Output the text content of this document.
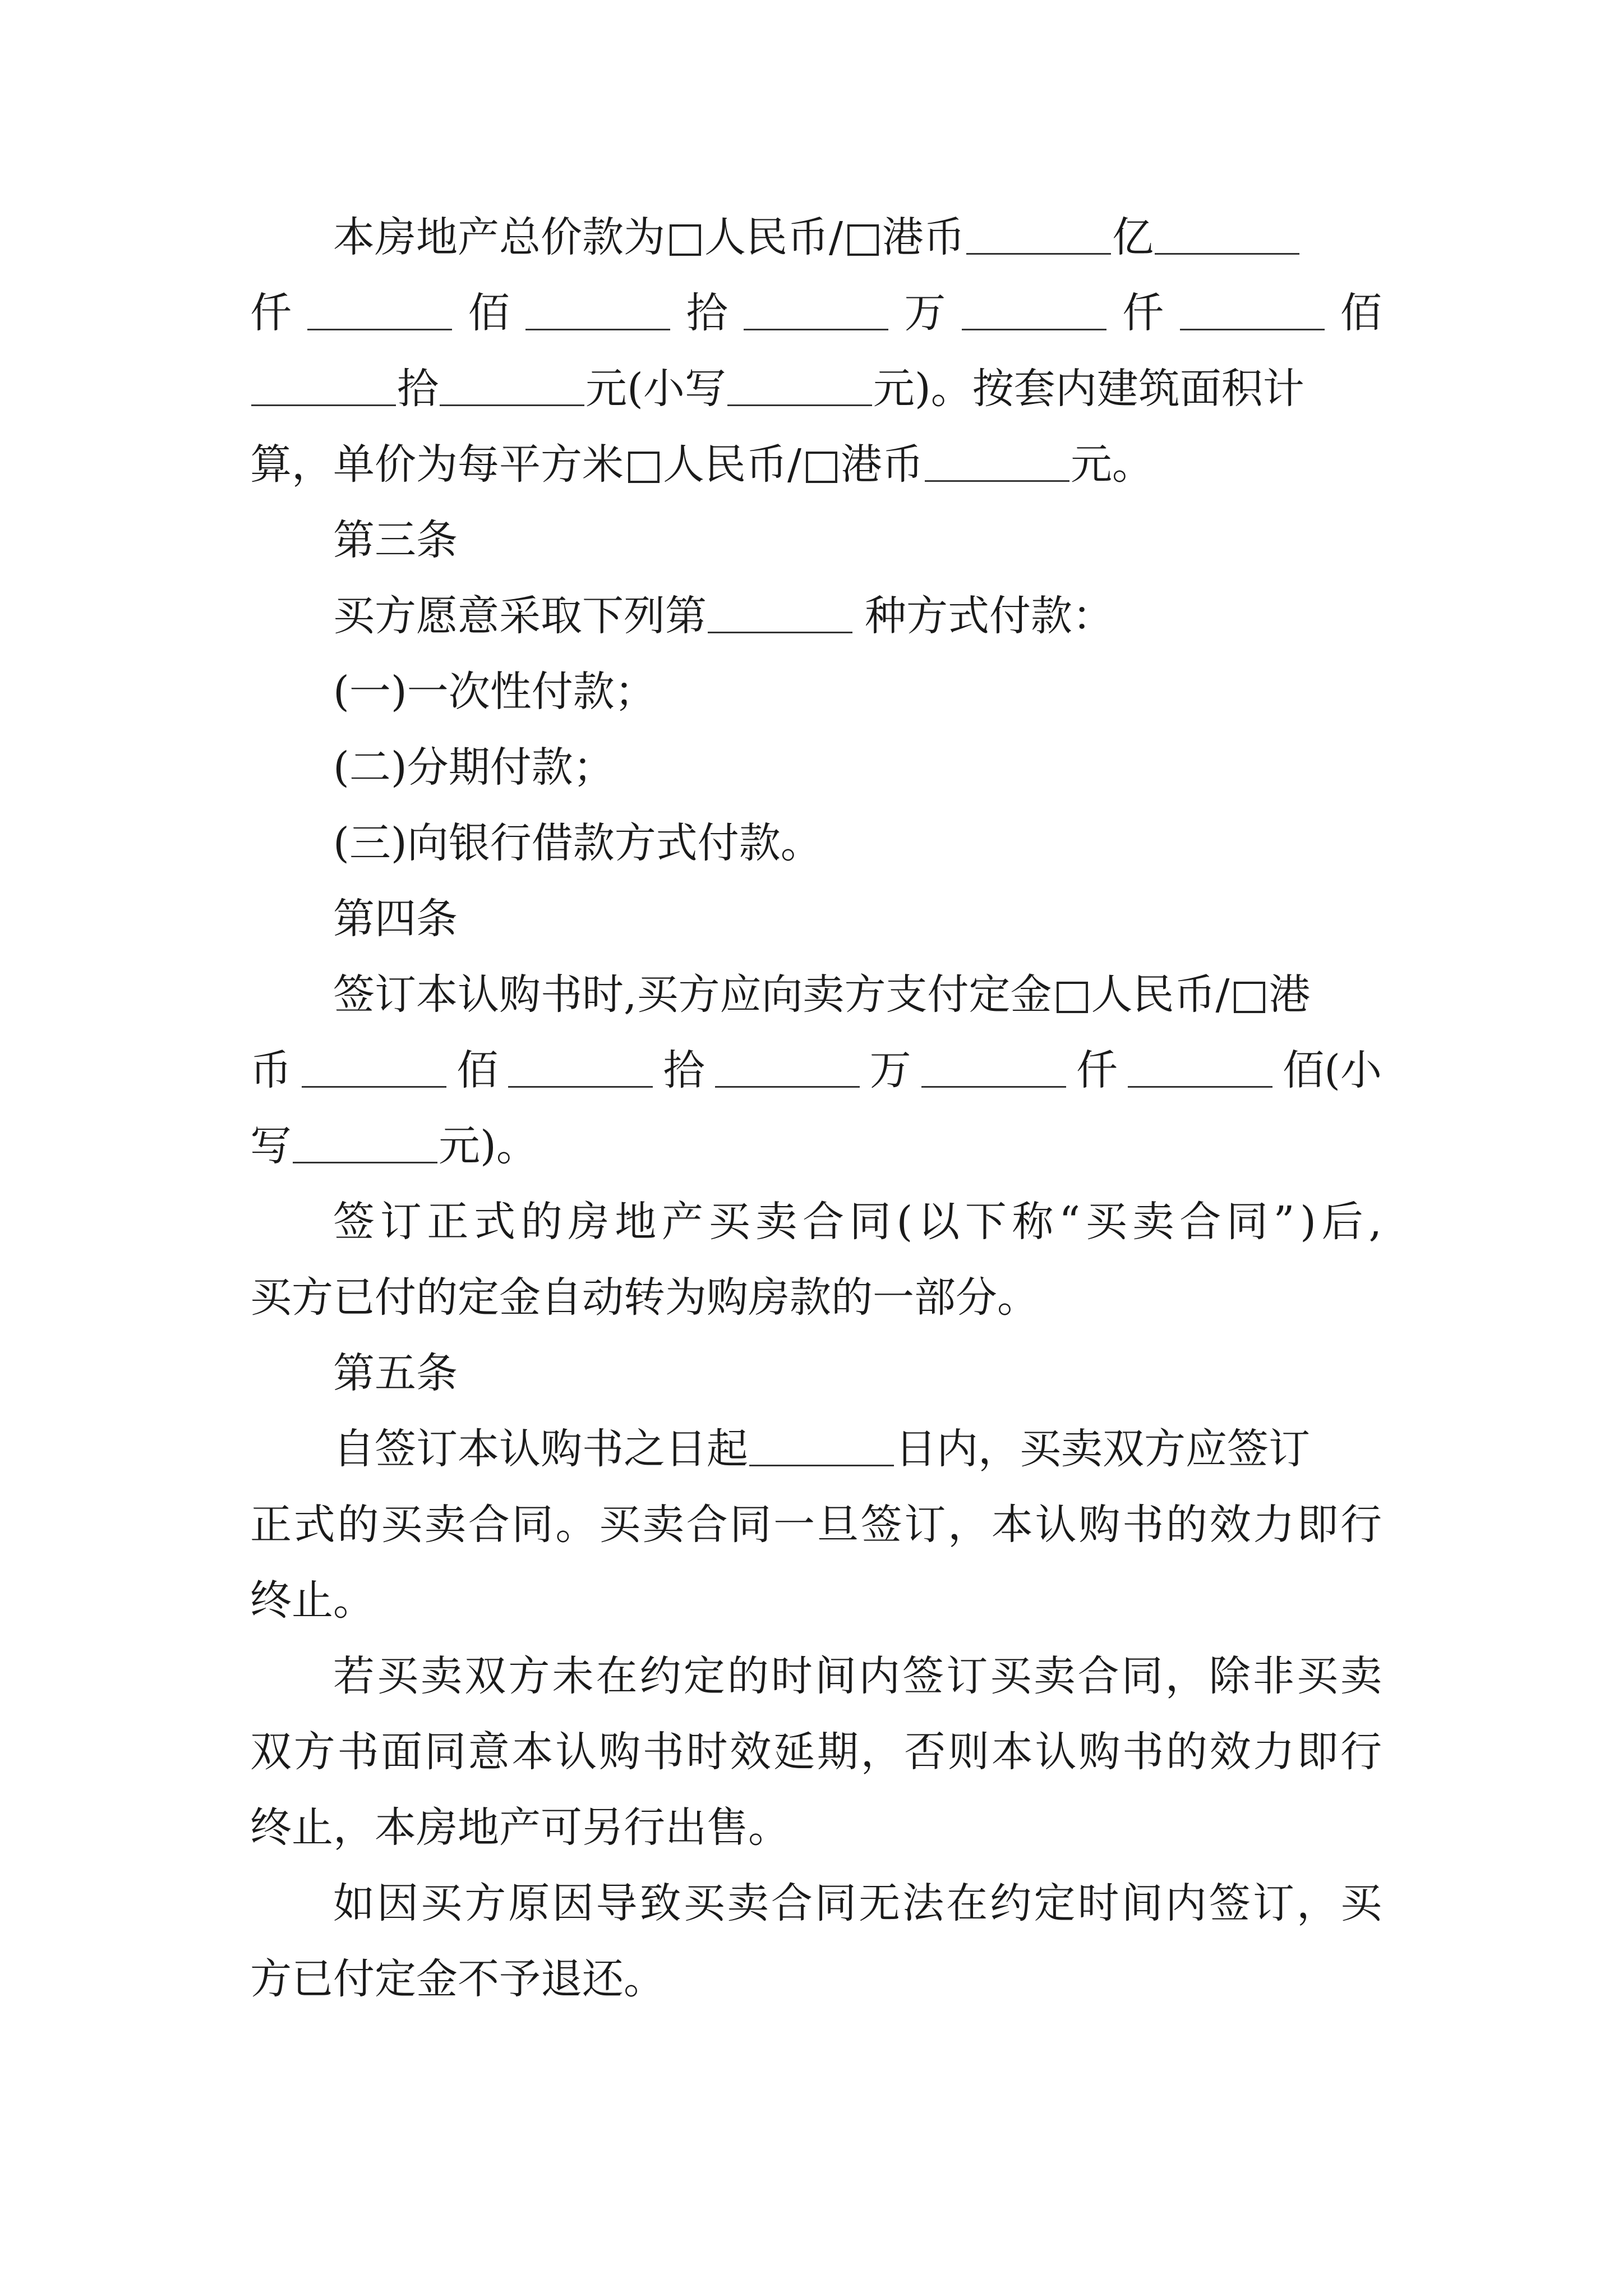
本房地产总价款为 人民币/ 港币	亿
仟	佰	拾	万	仟	佰
拾	元(小写	元)。按套内建筑面积计
算，单价为每平方米 人民币/ 港币	元。
第三条
买方愿意采取下列第	种方式付款：
(一)一次性付款；
(二)分期付款；
(三)向银行借款方式付款。
第四条
签订本认购书时,买方应向卖方支付定金 人民币/ 港
币	佰	拾	万	仟	佰(小
写	元)。
签订正式的房地产买卖合同(以下称“买卖合同”)后,
买方已付的定金自动转为购房款的一部分。
第五条
自签订本认购书之日起	日内，买卖双方应签订
正式的买卖合同。买卖合同一旦签订，本认购书的效力即行
终止。
若买卖双方未在约定的时间内签订买卖合同，除非买卖
双方书面同意本认购书时效延期，否则本认购书的效力即行
终止，本房地产可另行出售。
如因买方原因导致买卖合同无法在约定时间内签订，买
方已付定金不予退还。
